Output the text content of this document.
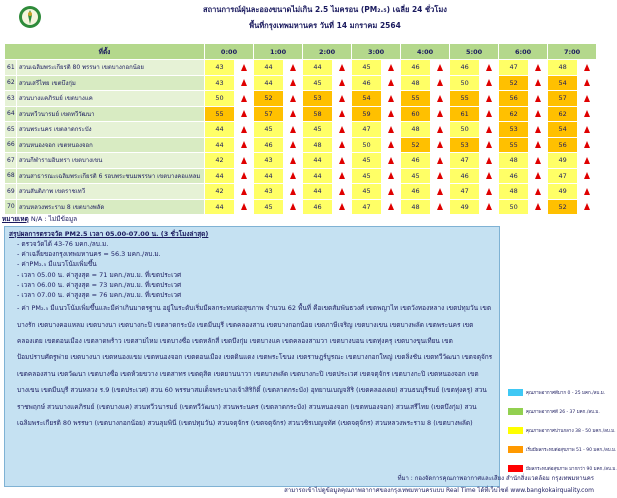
สถานการณ์ฝุ่นละอองขนาดไม่เกิน 2.5 ไมครอน (PM₂.₅) เฉลี่ย 24 ชั่วโมง
พื้นที่กรุงเทพมหานคร วันที่ 14 มกราคม 2564
ที่ตั้ง		0:00		1:00		2:00		3:00		4:00		5:00		6:00		7:00	
61	สวนเฉลิมพระเกียรติ 80 พรรษา เขตบางกอกน้อย	43		44		44		45		46		46		47		48	
62	สวนเสรีไทย เขตบึงกุ่ม	43		44		45		46		48		50		52		54	
63	สวนบางแคภิรมย์ เขตบางแค	50		52		53		54		55		55		56		57	
64	สวนทวีวนารมย์ เขตทวีวัฒนา	55		57		58		59		60		61		62		62	
65	สวนพระนคร เขตลาดกระบัง	44		45		45		47		48		50		53		54	
66	สวนหนองจอก เขตหนองจอก	44		46		48		50		52		53		55		56	
67	สวนกีฬารามอินทรา เขตบางเขน	42		43		44		45		46		47		48		49	
68	สวนสาธารณะเฉลิมพระเกียรติ 6 รอบพระชนมพรรษา เขตบางคอแหลม	44		44		44		45		45		46		46		47	
69	สวนสันติภาพ เขตราชเทวี	42		43		44		45		46		47		48		49	
70	สวนหลวงพระราม 8 เขตบางพลัด	44		45		46		47		48		49		50		52	
หมายเหตุ N/A : ไม่มีข้อมูล
สรุปผลการตรวจวัด PM2.5 เวลา 05.00-07.00 น. (3 ชั่วโมงล่าสุด)
- ตรวจวัดได้ 43-76 มคก./ลบ.ม.
- ค่าเฉลี่ยของกรุงเทพมหานคร = 56.3 มคก./ลบ.ม.
- ค่าPM₂.₅ มีแนวโน้มเพิ่มขึ้น
- เวลา 05.00 น. ค่าสูงสุด = 71 มคก./ลบ.ม. ที่เขตประเวศ
- เวลา 06.00 น. ค่าสูงสุด = 73 มคก./ลบ.ม. ที่เขตประเวศ
- เวลา 07.00 น. ค่าสูงสุด = 76 มคก./ลบ.ม. ที่เขตประเวศ
- ค่า PM₂.₅ มีแนวโน้มเพิ่มขึ้นและมีค่าเกินมาตรฐาน อยู่ในระดับเริ่มมีผลกระทบต่อสุขภาพ จำนวน 62 พื้นที่ คือเขตสัมพันธวงศ์ เขตพญาไท เขตวังทองหลาง เขตปทุมวัน เขตบางรัก เขตบางคอแหลม เขตบางนา เขตบางกะปิ เขตลาดกระบัง เขตมีนบุรี เขตคลองสาน เขตบางกอกน้อย เขตภาษีเจริญ เขตบางเขน เขตบางพลัด เขตพระนคร เขตคลองเตย เขตดอนเมือง เขตลาดพร้าว เขตสายไหม เขตบางซื่อ เขตหลักสี่ เขตบึงกุ่ม เขตบางแค เขตคลองสามวา เขตบางบอน เขตทุ่งครุ เขตบางขุนเทียน เขตป้อมปราบศัตรูพ่าย เขตบางนา เขตหนองแขม เขตหนองจอก เขตดอนเมือง เขตดินแดง เขตพระโขนง เขตราษฎร์บูรณะ เขตบางกอกใหญ่ เขตลิ่งชัน เขตทวีวัฒนา เขตจตุจักร เขตคลองสาน เขตวัฒนา เขตบางซื่อ เขตห้วยขวาง เขตสาทร เขตดุสิต เขตยานนาวา เขตบางพลัด เขตบางกะปิ เขตประเวศ เขตจตุจักร เขตบางกะปิ เขตหนองจอก เขตบางเขน เขตมีนบุรี สวนหลวง ร.9 (เขตประเวศ) สวน 60 พรรษาสมเด็จพระนางเจ้าสิริกิติ์ (เขตลาดกระบัง) อุทยานเบญจสิริ (เขตคลองเตย) สวนธนบุรีรมย์ (เขตทุ่งครุ) สวนราชพฤกษ์ สวนบางแคภิรมย์ (เขตบางแค) สวนทวีวนารมย์ (เขตทวีวัฒนา) สวนพระนคร (เขตลาดกระบัง) สวนหนองจอก (เขตหนองจอก) สวนเสรีไทย (เขตบึงกุ่ม) สวนเฉลิมพระเกียรติ 80 พรรษา (เขตบางกอกน้อย) สวนลุมพินี (เขตปทุมวัน) สวนจตุจักร (เขตจตุจักร) สวนวชิรเบญจทัศ (เขตจตุจักร) สวนหลวงพระราม 8 (เขตบางพลัด)
คุณภาพอากาศดีมาก 0 - 25 มคก./ลบ.ม.
คุณภาพอากาศดี 26 - 37 มคก./ลบ.ม.
คุณภาพอากาศปานกลาง 38 - 50 มคก./ลบ.ม.
เริ่มมีผลกระทบต่อสุขภาพ 51 - 90 มคก./ลบ.ม.
มีผลกระทบต่อสุขภาพ มากกว่า 90 มคก./ลบ.ม.
ที่มา : กองจัดการคุณภาพอากาศและเสียง สำนักสิ่งแวดล้อม กรุงเทพมหานคร
สามารถเข้าไปดูข้อมูลคุณภาพอากาศของกรุงเทพมหานครแบบ Real Time ได้ที่เว็บไซต์ www.bangkokairquality.com
